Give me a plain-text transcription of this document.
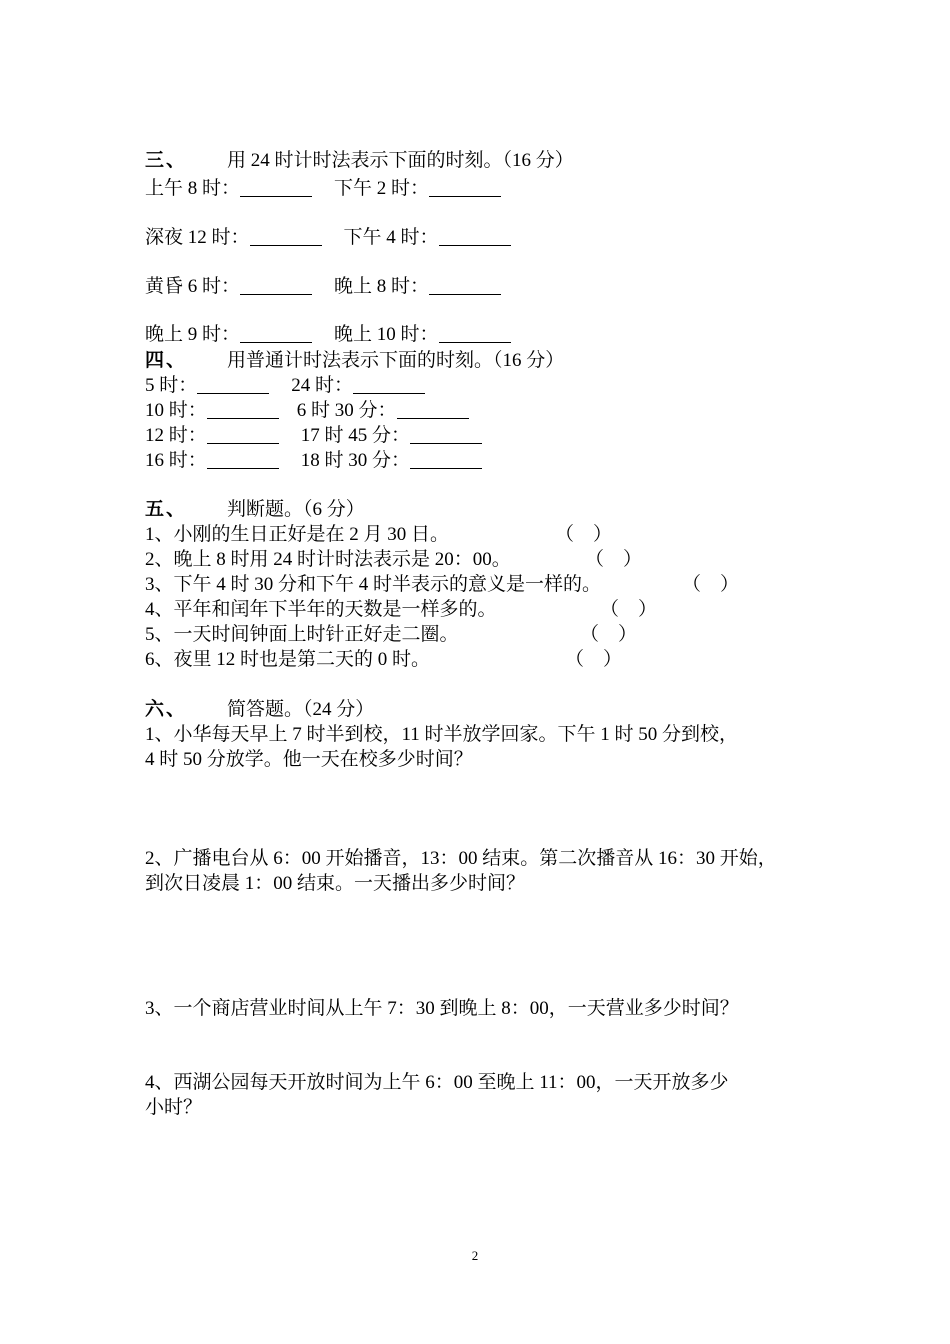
三、 用 24 时计时法表示下面的时刻。（16 分）
上午 8 时：	下午 2 时：
深夜 12 时：	下午 4 时：
黄昏 6 时：	晚上 8 时：
晚上 9 时：	晚上 10 时：
四、 用普通计时法表示下面的时刻。（16 分）
5 时：	24 时：
10 时：	6 时 30 分：
12 时：	17 时 45 分：
16 时：	18 时 30 分：
五、 判断题。（6 分）
1、小刚的生日正好是在 2 月 30 日。	（　）
2、晚上 8 时用 24 时计时法表示是 20：00。	（　）
3、下午 4 时 30 分和下午 4 时半表示的意义是一样的。	（　）
4、平年和闰年下半年的天数是一样多的。	（　）
5、一天时间钟面上时针正好走二圈。	（　）
6、夜里 12 时也是第二天的 0 时。	（　）
六、 简答题。（24 分）
1、小华每天早上 7 时半到校，11 时半放学回家。下午 1 时 50 分到校，
4 时 50 分放学。他一天在校多少时间？
2、广播电台从 6：00 开始播音，13：00 结束。第二次播音从 16：30 开始，
到次日凌晨 1：00 结束。一天播出多少时间？
3、一个商店营业时间从上午 7：30 到晚上 8：00，一天营业多少时间？
4、西湖公园每天开放时间为上午 6：00 至晚上 11：00，一天开放多少
小时？
2
